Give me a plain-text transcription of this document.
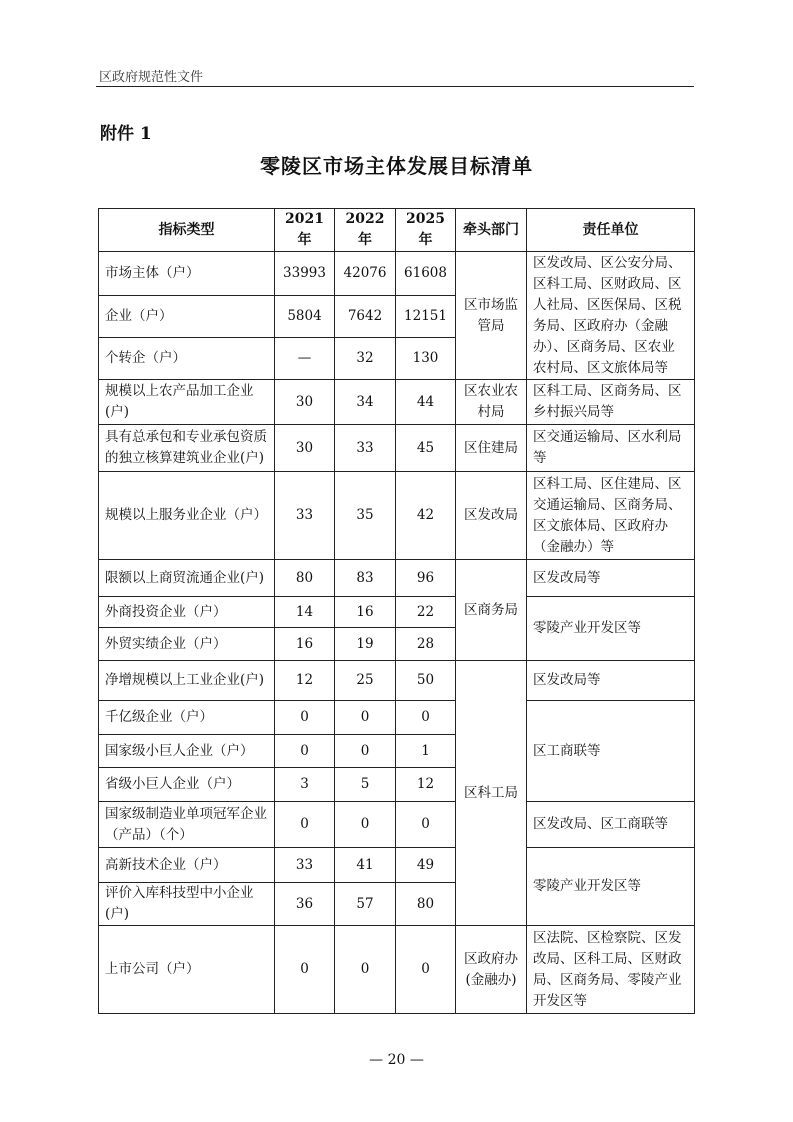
区政府规范性文件
附件 1
零陵区市场主体发展目标清单
指标类型	2021 年	2022 年	2025 年	牵头部门	责任单位
市场主体（户）	33993	42076	61608	区市场监管局	区发改局、区公安分局、区科工局、区财政局、区人社局、区医保局、区税务局、区政府办（金融办）、区商务局、区农业农村局、区文旅体局等
企业（户）	5804	7642	12151		
个转企（户）	—	32	130		
规模以上农产品加工企业(户)	30	34	44	区农业农村局	区科工局、区商务局、区乡村振兴局等
具有总承包和专业承包资质的独立核算建筑业企业(户)	30	33	45	区住建局	区交通运输局、区水利局等
规模以上服务业企业（户）	33	35	42	区发改局	区科工局、区住建局、区交通运输局、区商务局、区文旅体局、区政府办（金融办）等
限额以上商贸流通企业(户)	80	83	96	区商务局	区发改局等
外商投资企业（户）	14	16	22		零陵产业开发区等
外贸实绩企业（户）	16	19	28		
净增规模以上工业企业(户)	12	25	50	区科工局	区发改局等
千亿级企业（户）	0	0	0		区工商联等
国家级小巨人企业（户）	0	0	1		
省级小巨人企业（户）	3	5	12		
国家级制造业单项冠军企业（产品）（个）	0	0	0		区发改局、区工商联等
高新技术企业（户）	33	41	49		零陵产业开发区等
评价入库科技型中小企业(户)	36	57	80		
上市公司（户）	0	0	0	区政府办(金融办)	区法院、区检察院、区发改局、区科工局、区财政局、区商务局、零陵产业开发区等
— 20 —
